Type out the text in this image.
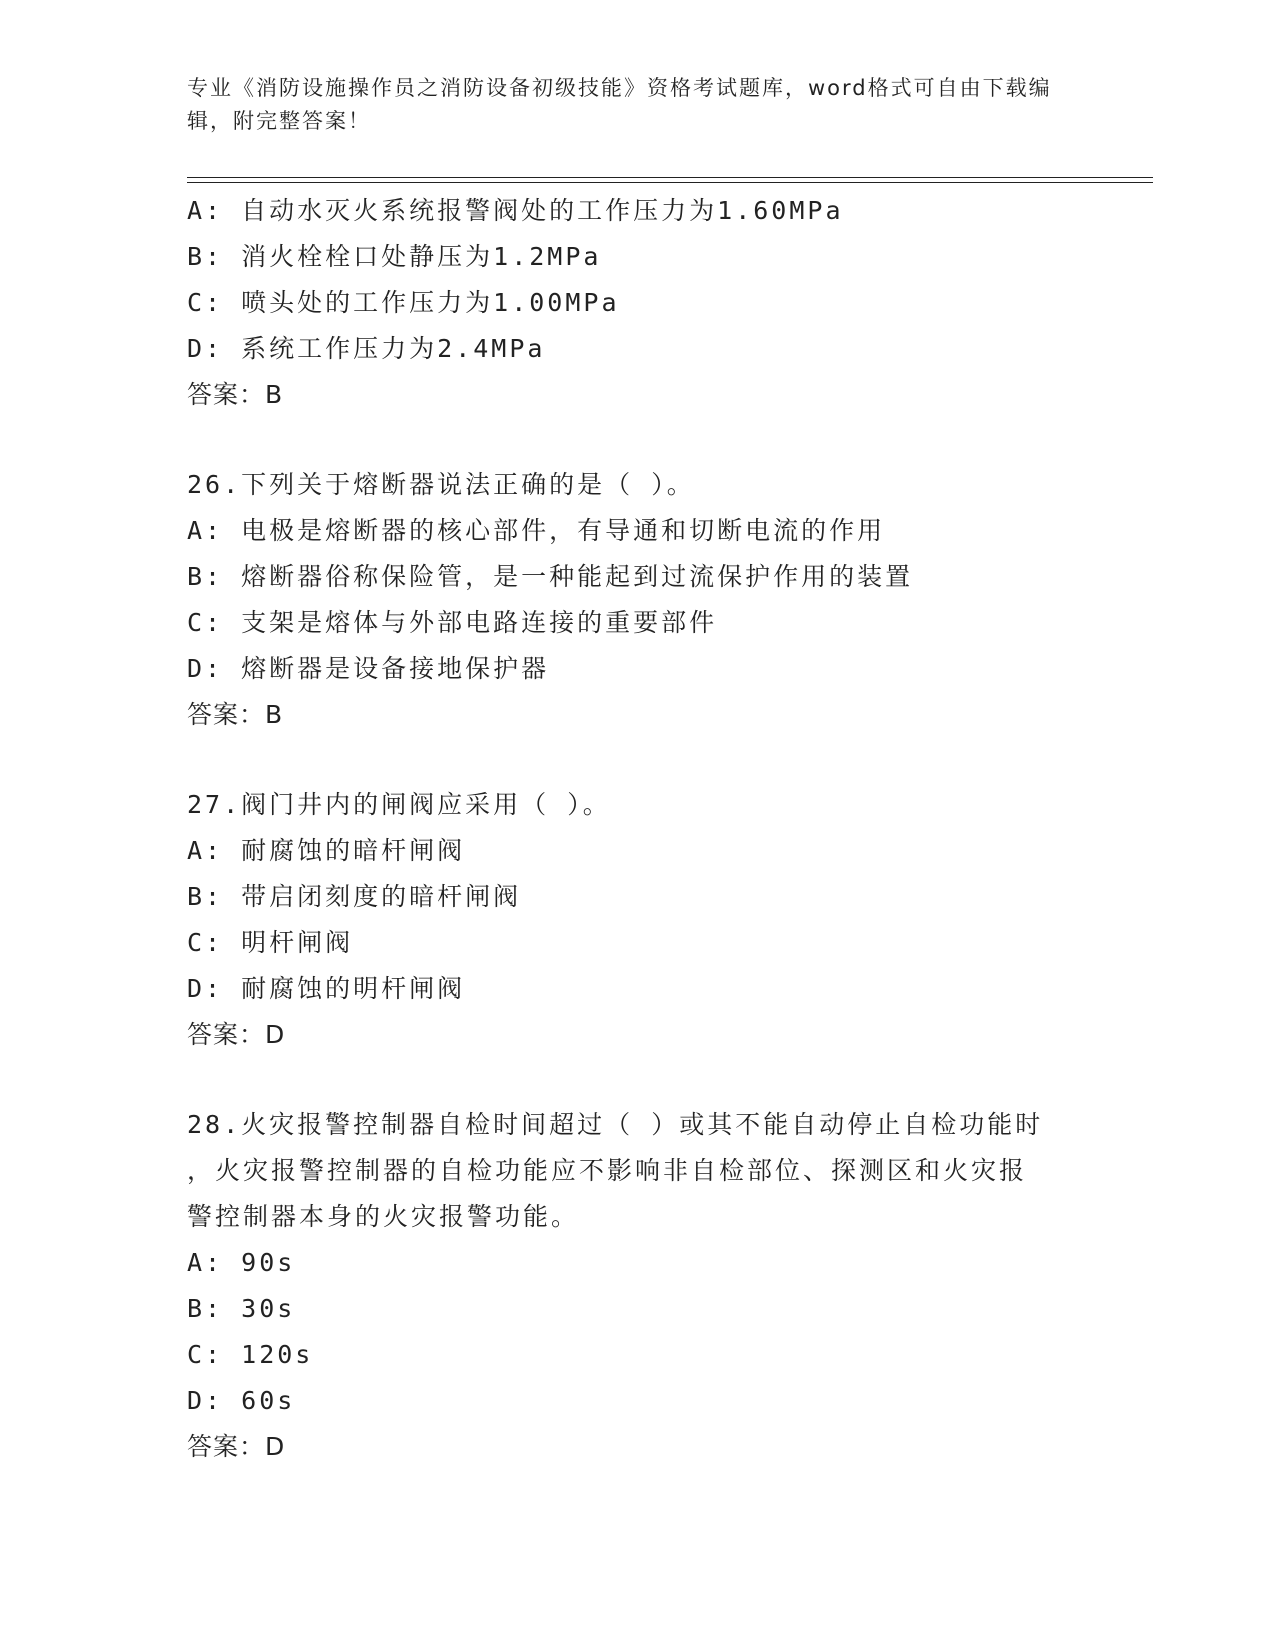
专业《消防设施操作员之消防设备初级技能》资格考试题库，word格式可自由下载编辑，附完整答案！
A: 自动水灭火系统报警阀处的工作压力为1.60MPa
B: 消火栓栓口处静压为1.2MPa
C: 喷头处的工作压力为1.00MPa
D: 系统工作压力为2.4MPa
答案：B
26.下列关于熔断器说法正确的是（ ）。
A: 电极是熔断器的核心部件，有导通和切断电流的作用
B: 熔断器俗称保险管，是一种能起到过流保护作用的装置
C: 支架是熔体与外部电路连接的重要部件
D: 熔断器是设备接地保护器
答案：B
27.阀门井内的闸阀应采用（ ）。
A: 耐腐蚀的暗杆闸阀
B: 带启闭刻度的暗杆闸阀
C: 明杆闸阀
D: 耐腐蚀的明杆闸阀
答案：D
28.火灾报警控制器自检时间超过（ ）或其不能自动停止自检功能时
，火灾报警控制器的自检功能应不影响非自检部位、探测区和火灾报
警控制器本身的火灾报警功能。
A: 90s
B: 30s
C: 120s
D: 60s
答案：D
